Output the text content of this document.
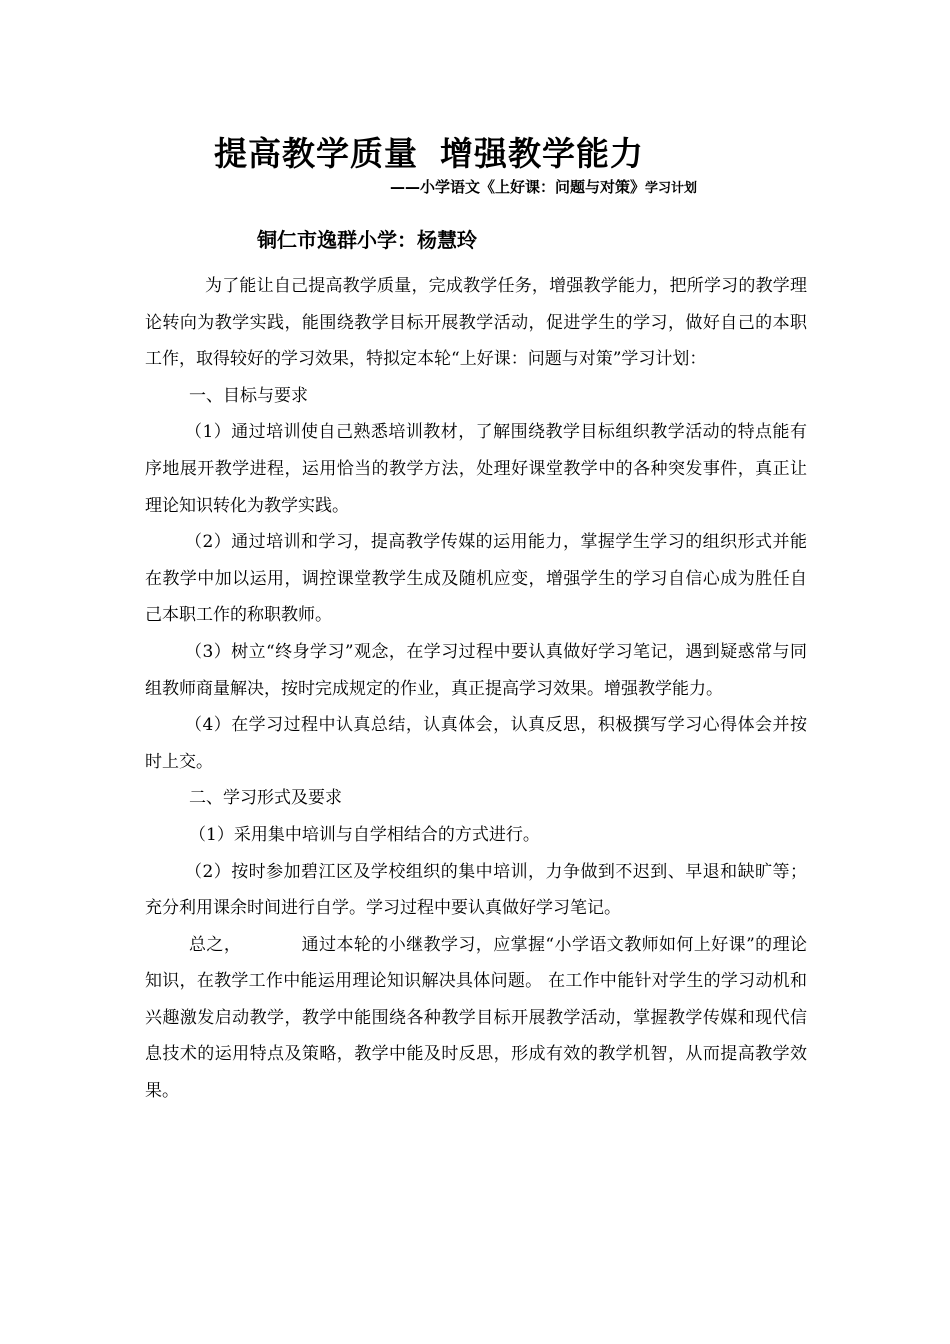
提高教学质量 增强教学能力
——小学语文《上好课：问题与对策》学习计划
铜仁市逸群小学：杨慧玲

为了能让自己提高教学质量，完成教学任务，增强教学能力，把所学习的教学理论转向为教学实践，能围绕教学目标开展教学活动，促进学生的学习，做好自己的本职工作，取得较好的学习效果，特拟定本轮“上好课：问题与对策”学习计划：

一、目标与要求

（1）通过培训使自己熟悉培训教材，了解围绕教学目标组织教学活动的特点能有序地展开教学进程，运用恰当的教学方法，处理好课堂教学中的各种突发事件，真正让理论知识转化为教学实践。

（2）通过培训和学习，提高教学传媒的运用能力，掌握学生学习的组织形式并能在教学中加以运用，调控课堂教学生成及随机应变，增强学生的学习自信心成为胜任自己本职工作的称职教师。

（3）树立“终身学习”观念，在学习过程中要认真做好学习笔记，遇到疑惑常与同组教师商量解决，按时完成规定的作业，真正提高学习效果。增强教学能力。

（4）在学习过程中认真总结，认真体会，认真反思，积极撰写学习心得体会并按时上交。

二、学习形式及要求

（1）采用集中培训与自学相结合的方式进行。

（2）按时参加碧江区及学校组织的集中培训，力争做到不迟到、早退和缺旷等；充分利用课余时间进行自学。学习过程中要认真做好学习笔记。

总之，	通过本轮的小继教学习，应掌握“小学语文教师如何上好课”的理论知识，在教学工作中能运用理论知识解决具体问题。 在工作中能针对学生的学习动机和兴趣激发启动教学，教学中能围绕各种教学目标开展教学活动，掌握教学传媒和现代信息技术的运用特点及策略，教学中能及时反思，形成有效的教学机智，从而提高教学效果。
